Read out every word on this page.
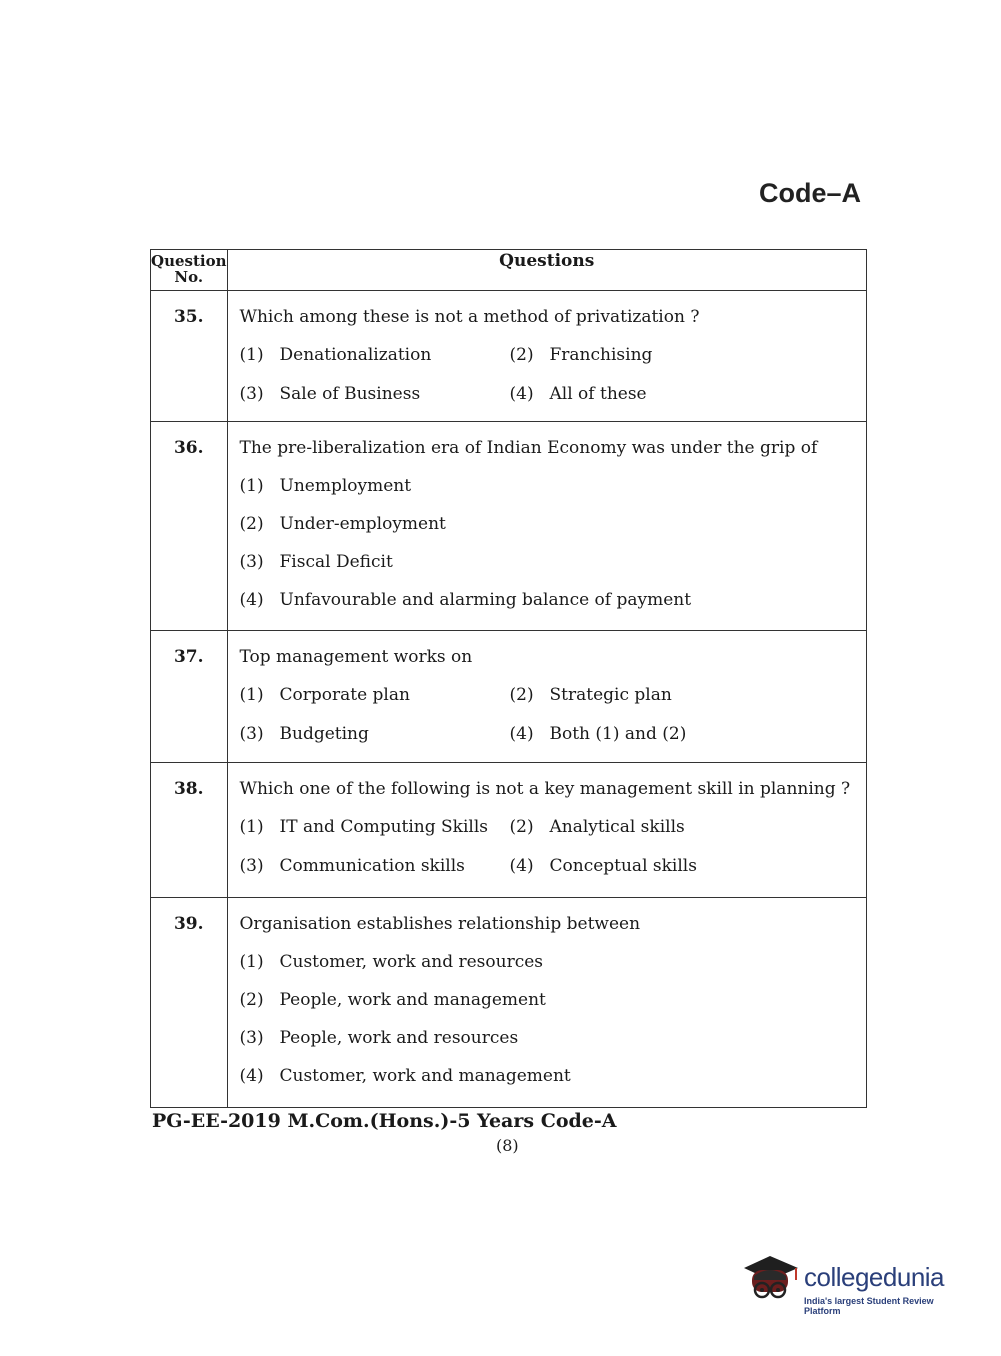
Code–A
Question No.	Questions
35.	Which among these is not a method of privatization ?
(1) Denationalization (2) Franchising
(3) Sale of Business (4) All of these

36.	The pre-liberalization era of Indian Economy was under the grip of
(1) Unemployment
(2) Under-employment
(3) Fiscal Deficit
(4) Unfavourable and alarming balance of payment

37.	Top management works on
(1) Corporate plan (2) Strategic plan
(3) Budgeting (4) Both (1) and (2)

38.	Which one of the following is not a key management skill in planning ?
(1) IT and Computing Skills (2) Analytical skills
(3) Communication skills (4) Conceptual skills

39.	Organisation establishes relationship between
(1) Customer, work and resources
(2) People, work and management
(3) People, work and resources
(4) Customer, work and management
PG-EE-2019 M.Com.(Hons.)-5 Years Code-A
(8)
collegedunia
India's largest Student Review Platform
